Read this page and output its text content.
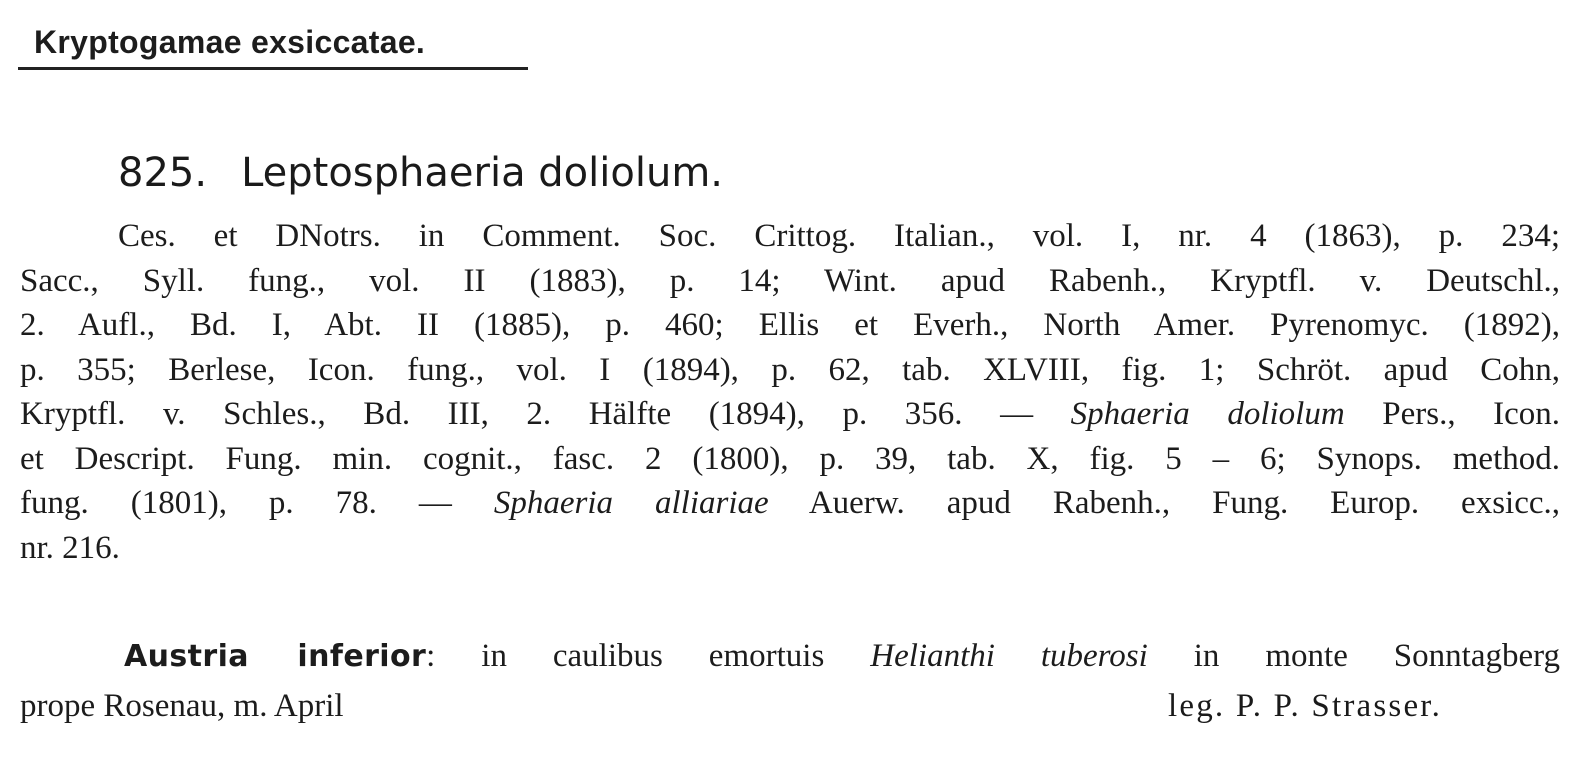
Kryptogamae exsiccatae.
825. Leptosphaeria doliolum.
Ces. et DNotrs. in Comment. Soc. Crittog. Italian., vol. I, nr. 4 (1863), p. 234;
Sacc., Syll. fung., vol. II (1883), p. 14; Wint. apud Rabenh., Kryptfl. v. Deutschl.,
2. Aufl., Bd. I, Abt. II (1885), p. 460; Ellis et Everh., North Amer. Pyrenomyc. (1892),
p. 355; Berlese, Icon. fung., vol. I (1894), p. 62, tab. XLVIII, fig. 1; Schröt. apud Cohn,
Kryptfl. v. Schles., Bd. III, 2. Hälfte (1894), p. 356. — Sphaeria doliolum Pers., Icon.
et Descript. Fung. min. cognit., fasc. 2 (1800), p. 39, tab. X, fig. 5 – 6; Synops. method.
fung. (1801), p. 78. — Sphaeria alliariae Auerw. apud Rabenh., Fung. Europ. exsicc.,
nr. 216.
Austria inferior: in caulibus emortuis Helianthi tuberosi in monte Sonntagberg
prope Rosenau, m. April	leg. P. P. Strasser.
